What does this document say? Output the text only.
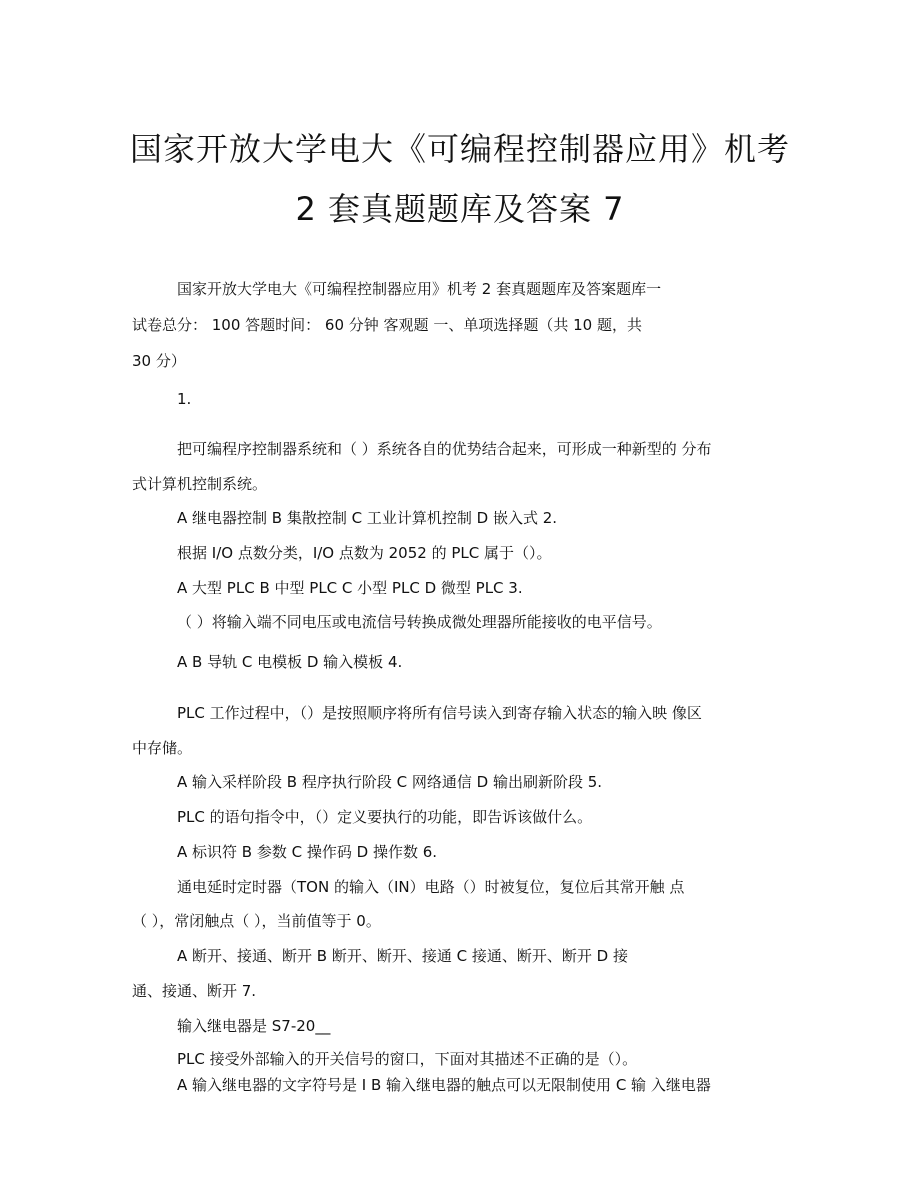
国家开放大学电大《可编程控制器应用》机考
2 套真题题库及答案 7
国家开放大学电大《可编程控制器应用》机考 2 套真题题库及答案题库一
试卷总分： 100 答题时间： 60 分钟 客观题 一、单项选择题（共 10 题，共
30 分）
1.
把可编程序控制器系统和（ ）系统各自的优势结合起来，可形成一种新型的 分布
式计算机控制系统。
A 继电器控制 B 集散控制 C 工业计算机控制 D 嵌入式 2.
根据 I/O 点数分类，I/O 点数为 2052 的 PLC 属于（）。
A 大型 PLC B 中型 PLC C 小型 PLC D 微型 PLC 3.
（ ）将输入端不同电压或电流信号转换成微处理器所能接收的电平信号。
A B 导轨 C 电模板 D 输入模板 4.
PLC 工作过程中，（）是按照顺序将所有信号读入到寄存输入状态的输入映 像区
中存储。
A 输入采样阶段 B 程序执行阶段 C 网络通信 D 输出刷新阶段 5.
PLC 的语句指令中，（）定义要执行的功能，即告诉该做什么。
A 标识符 B 参数 C 操作码 D 操作数 6.
通电延时定时器（TON 的输入（IN）电路（）时被复位，复位后其常开触 点
（ ），常闭触点（ ），当前值等于 0。
A 断开、接通、断开 B 断开、断开、接通 C 接通、断开、断开 D 接
通、接通、断开 7.
输入继电器是 S7-20__
PLC 接受外部输入的开关信号的窗口，下面对其描述不正确的是（）。
A 输入继电器的文字符号是 I B 输入继电器的触点可以无限制使用 C 输 入继电器
